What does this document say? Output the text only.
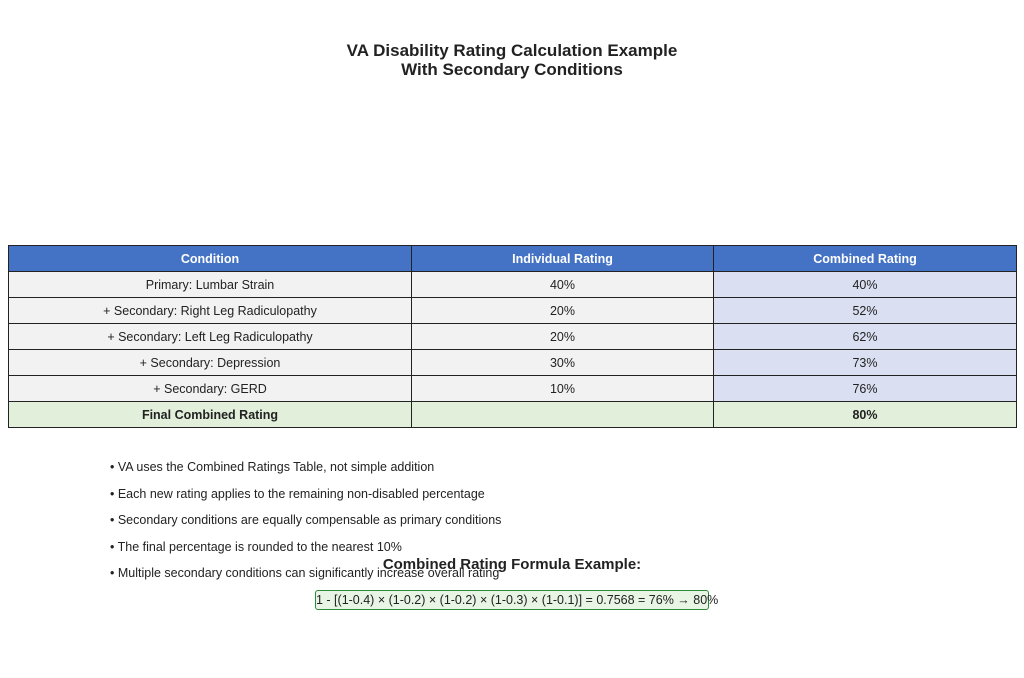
VA Disability Rating Calculation Example
With Secondary Conditions
Condition	Individual Rating	Combined Rating
Primary: Lumbar Strain	40%	40%
+ Secondary: Right Leg Radiculopathy	20%	52%
+ Secondary: Left Leg Radiculopathy	20%	62%
+ Secondary: Depression	30%	73%
+ Secondary: GERD	10%	76%
Final Combined Rating		80%
• VA uses the Combined Ratings Table, not simple addition
• Each new rating applies to the remaining non-disabled percentage
• Secondary conditions are equally compensable as primary conditions
• The final percentage is rounded to the nearest 10%
• Multiple secondary conditions can significantly increase overall rating
Combined Rating Formula Example:
1 - [(1-0.4) × (1-0.2) × (1-0.2) × (1-0.3) × (1-0.1)] = 0.7568 = 76% → 80%
